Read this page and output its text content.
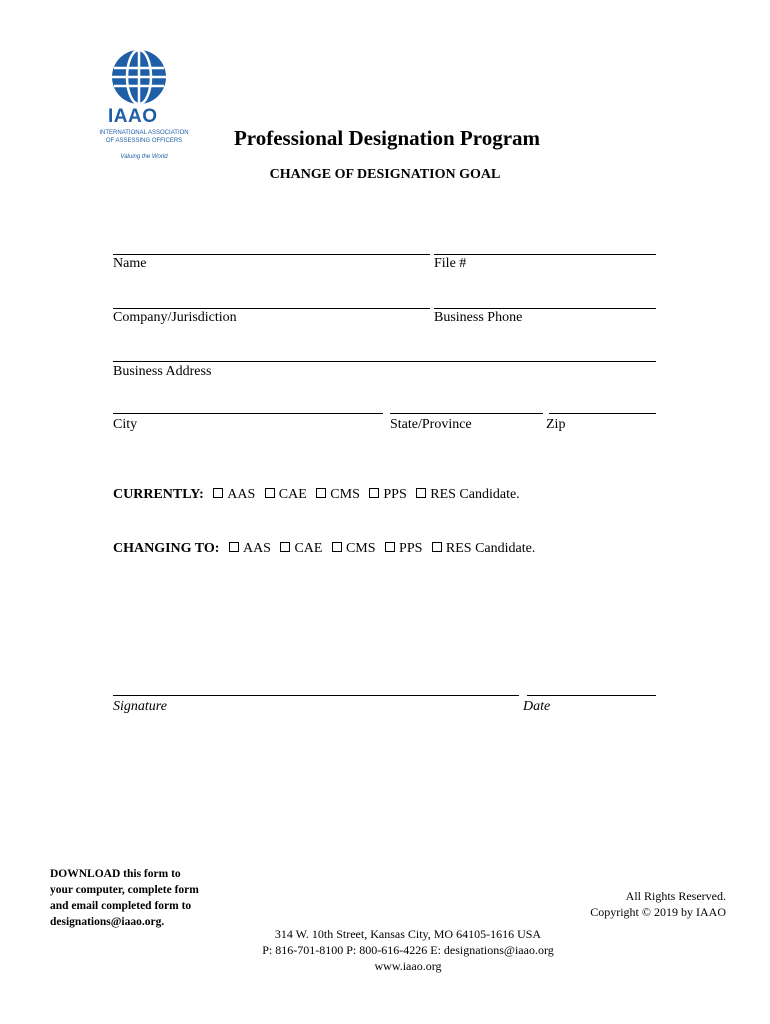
IAAO
INTERNATIONAL ASSOCIATION
OF ASSESSING OFFICERS
Valuing the World
Professional Designation Program
CHANGE OF DESIGNATION GOAL
Name	File #
Company/Jurisdiction	Business Phone
Business Address
City	State/Province	Zip
CURRENTLY: AAS CAE CMS PPS RES Candidate.
CHANGING TO: AAS CAE CMS PPS RES Candidate.
Signature	Date
DOWNLOAD this form to
your computer, complete form
and email completed form to
designations@iaao.org.
All Rights Reserved.
Copyright © 2019 by IAAO
314 W. 10th Street, Kansas City, MO 64105-1616 USA
P: 816-701-8100 P: 800-616-4226 E: designations@iaao.org
www.iaao.org
